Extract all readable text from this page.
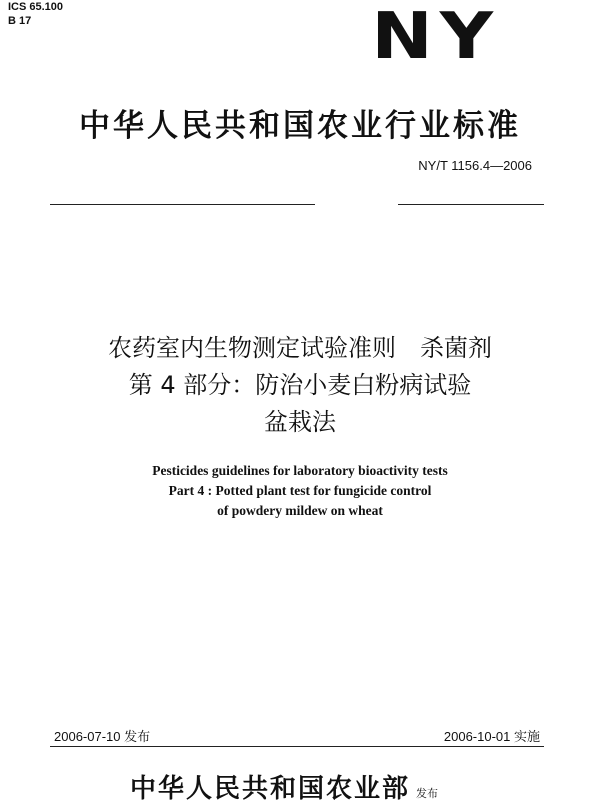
ICS 65.100
B 17	NY
中华人民共和国农业行业标准
NY/T 1156.4—2006
农药室内生物测定试验准则　杀菌剂
第 4 部分：防治小麦白粉病试验
盆栽法
Pesticides guidelines for laboratory bioactivity tests
Part 4 : Potted plant test for fungicide control
of powdery mildew on wheat
2006-07-10 发布	2006-10-01 实施
中华人民共和国农业部 发布
